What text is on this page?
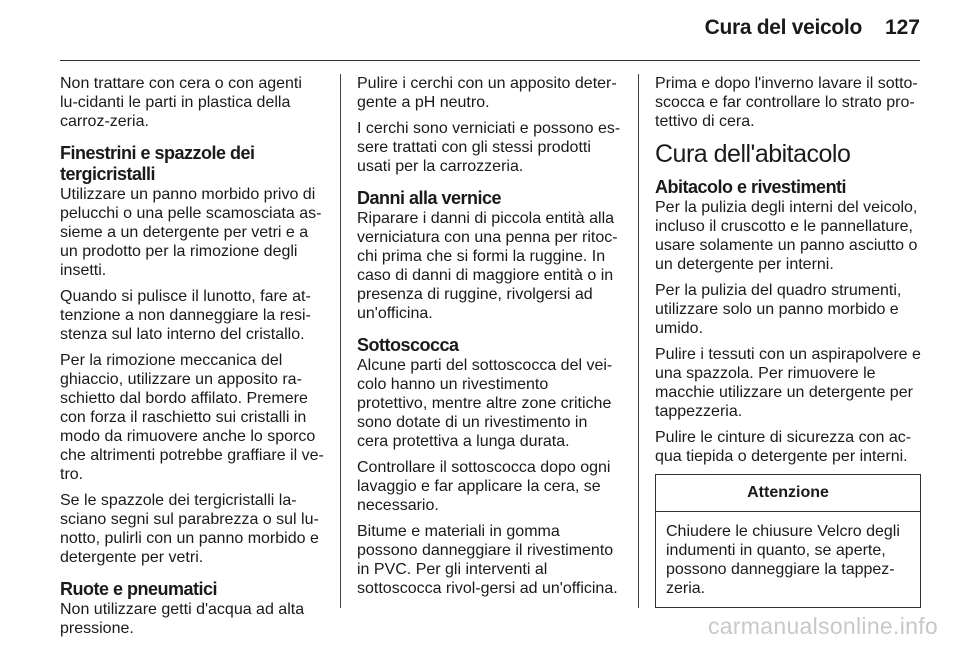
Cura del veicolo 127

Non trattare con cera o con agenti lu-cidanti le parti in plastica della carroz-zeria.

Finestrini e spazzole dei tergicristalli

Utilizzare un panno morbido privo di pelucchi o una pelle scamosciata as-sieme a un detergente per vetri e a un prodotto per la rimozione degli insetti.

Quando si pulisce il lunotto, fare at-tenzione a non danneggiare la resi-stenza sul lato interno del cristallo.

Per la rimozione meccanica del ghiaccio, utilizzare un apposito ra-schietto dal bordo affilato. Premere con forza il raschietto sui cristalli in modo da rimuovere anche lo sporco che altrimenti potrebbe graffiare il ve-tro.

Se le spazzole dei tergicristalli la-sciano segni sul parabrezza o sul lu-notto, pulirli con un panno morbido e detergente per vetri.

Ruote e pneumatici

Non utilizzare getti d'acqua ad alta pressione.

Pulire i cerchi con un apposito deter-gente a pH neutro.

I cerchi sono verniciati e possono es-sere trattati con gli stessi prodotti usati per la carrozzeria.

Danni alla vernice

Riparare i danni di piccola entità alla verniciatura con una penna per ritoc-chi prima che si formi la ruggine. In caso di danni di maggiore entità o in presenza di ruggine, rivolgersi ad un'officina.

Sottoscocca

Alcune parti del sottoscocca del vei-colo hanno un rivestimento protettivo, mentre altre zone critiche sono dotate di un rivestimento in cera protettiva a lunga durata.

Controllare il sottoscocca dopo ogni lavaggio e far applicare la cera, se necessario.

Bitume e materiali in gomma possono danneggiare il rivestimento in PVC. Per gli interventi al sottoscocca rivol-gersi ad un'officina.

Prima e dopo l'inverno lavare il sotto-scocca e far controllare lo strato pro-tettivo di cera.

Cura dell'abitacolo
Abitacolo e rivestimenti

Per la pulizia degli interni del veicolo, incluso il cruscotto e le pannellature, usare solamente un panno asciutto o un detergente per interni.

Per la pulizia del quadro strumenti, utilizzare solo un panno morbido e umido.

Pulire i tessuti con un aspirapolvere e una spazzola. Per rimuovere le macchie utilizzare un detergente per tappezzeria.

Pulire le cinture di sicurezza con ac-qua tiepida o detergente per interni.

Attenzione
Chiudere le chiusure Velcro degli indumenti in quanto, se aperte, possono danneggiare la tappez-zeria.
carmanualsonline.info
